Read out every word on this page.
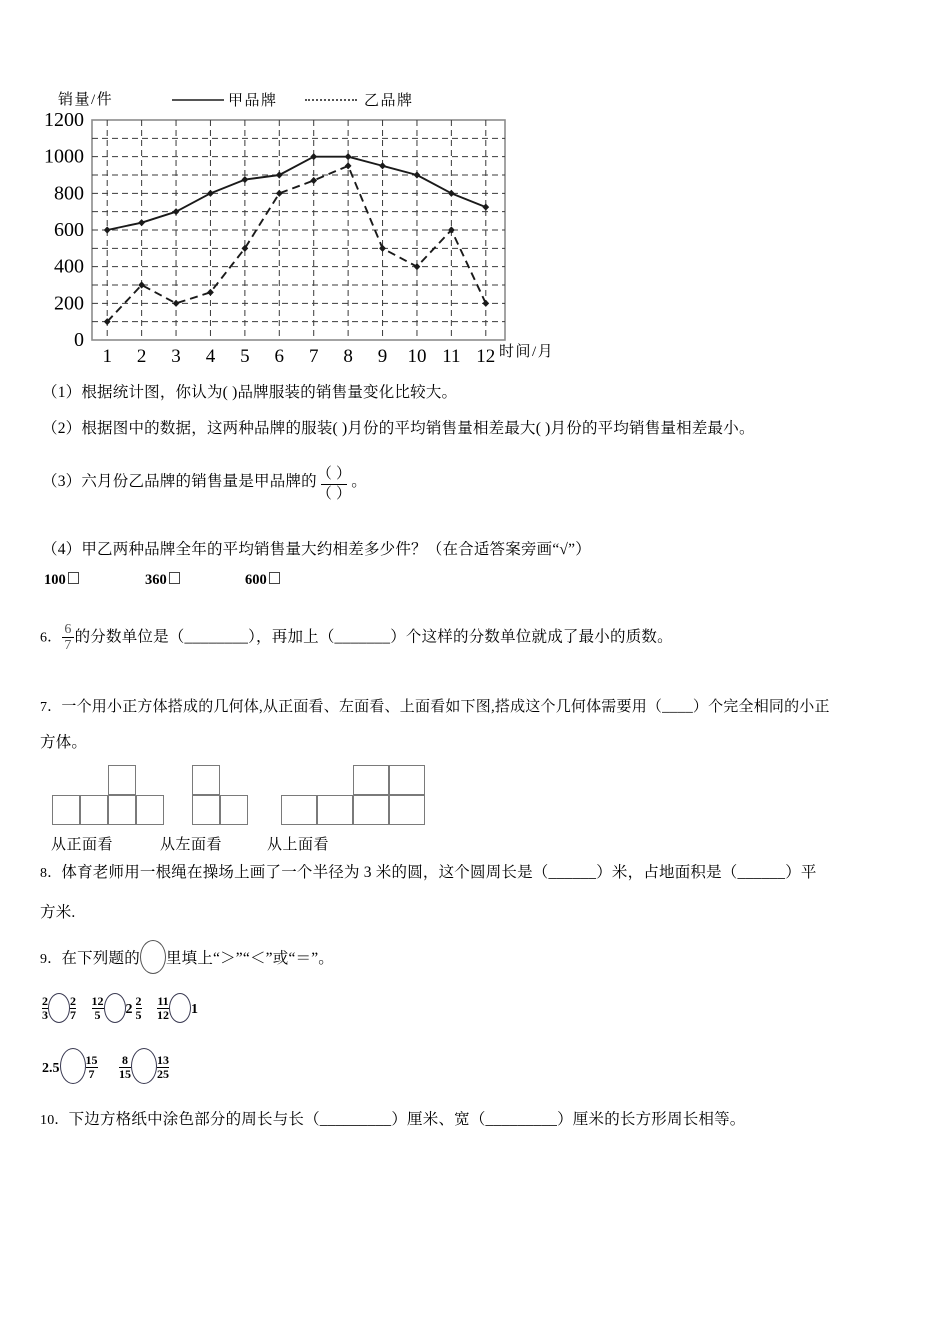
销量/件	甲品牌	乙品牌
时间/月
0
200
400
600
800
1000
1200
1 2 3 4 5 6 7 8 9 10 11 12
（1）根据统计图，你认为( )品牌服装的销售量变化比较大。
（2）根据图中的数据，这两种品牌的服装( )月份的平均销售量相差最大( )月份的平均销售量相差最小。
（3）六月份乙品牌的销售量是甲品牌的 $\frac{( )}{( )}$ 。
（4）甲乙两种品牌全年的平均销售量大约相差多少件？（在合适答案旁画“√”）
100	360	600
6． $\frac{6}{7}$ 的分数单位是（________），再加上（_______）个这样的分数单位就成了最小的质数。
7．一个用小正方体搭成的几何体,从正面看、左面看、上面看如下图,搭成这个几何体需要用（____）个完全相同的小正
方体。
从正面看	从左面看	从上面看
8．体育老师用一根绳在操场上画了一个半径为 3 米的圆，这个圆周长是（______）米，占地面积是（______）平
方米.
9．在下列题的 里填上“＞”“＜”或“＝”。
$\frac{2}{3} \frac{2}{7}$
$\frac{12}{5} 2 \frac{2}{5}$
$\frac{11}{12} 1$
$2.5 \frac{15}{7}$
$\frac{8}{15} \frac{13}{25}$
10．下边方格纸中涂色部分的周长与长（_________）厘米、宽（_________）厘米的长方形周长相等。
